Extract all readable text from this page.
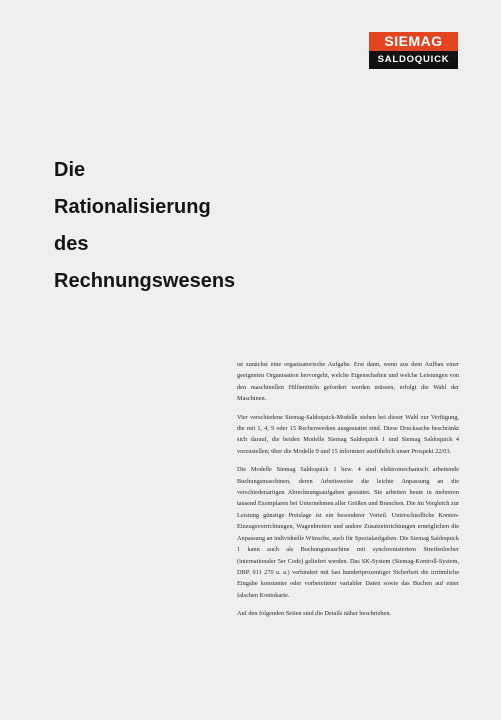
SIEMAG
SALDOQUICK
Die
Rationalisierung
des
Rechnungswesens

ist zunächst eine organisatorische Aufgabe. Erst dann, wenn aus dem Aufbau einer geeigneten Organisation hervorgeht, welche Eigenschaften und welche Leistungen von den maschinellen Hilfsmitteln gefordert werden müssen, erfolgt die Wahl der Maschinen.

Vier verschiedene Siemag-Saldoquick-Modelle stehen bei dieser Wahl zur Verfügung, die mit 1, 4, 9 oder 15 Rechenwerken ausgestattet sind. Diese Drucksache beschränkt sich darauf, die beiden Modelle Siemag Saldoquick 1 und Siemag Saldoquick 4 vorzustellen; über die Modelle 9 und 15 informiert ausführlich unser Prospekt 22/03.

Die Modelle Siemag Saldoquick 1 bzw. 4 sind elektromechanisch arbeitende Buchungsmaschinen, deren Arbeitsweise die leichte Anpassung an die verschiedenartigen Abrechnungsaufgaben gestattet. Sie arbeiten heute in mehreren tausend Exemplaren bei Unternehmen aller Größen und Branchen. Die im Vergleich zur Leistung günstige Preislage ist ein besonderer Vorteil. Unterschiedliche Konten-Einzugsvorrichtungen, Wagenbreiten und andere Zusatzeinrichtungen ermöglichen die Anpassung an individuelle Wünsche, auch für Spezialaufgaben. Die Siemag Saldoquick 1 kann auch als Buchungsmaschine mit synchronisiertem Streifenlocher (internationaler 5er Code) geliefert werden. Das SK-System (Siemag-Kontroll-System, DBP. 911 270 u. a.) verhindert mit fast hundertprozentiger Sicherheit die irrtümliche Eingabe konstanter oder vorbereiteter variabler Daten sowie das Buchen auf einer falschen Kontokarte.

Auf den folgenden Seiten sind die Details näher beschrieben.
